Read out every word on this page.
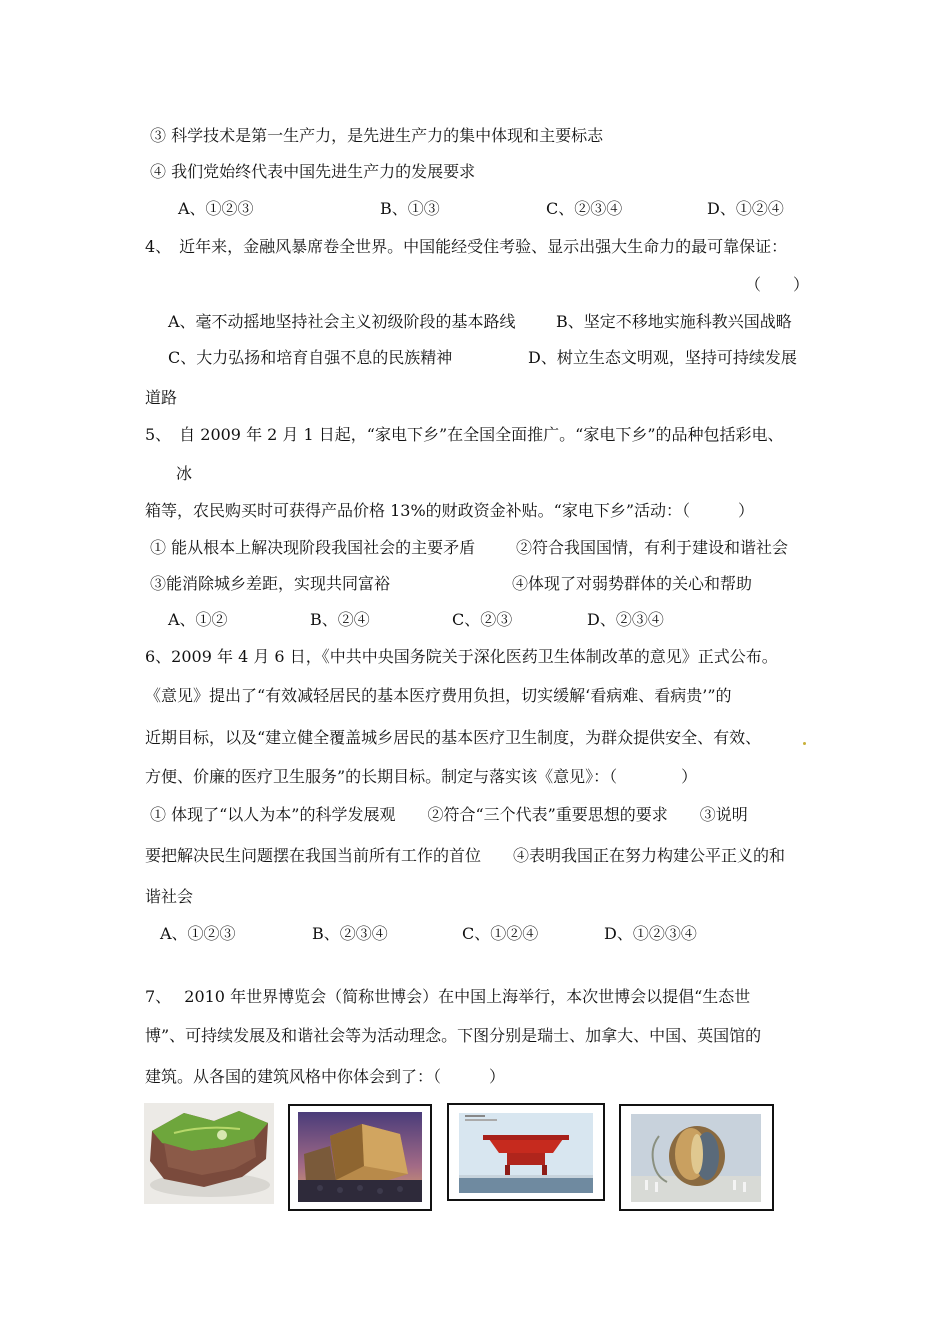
③ 科学技术是第一生产力，是先进生产力的集中体现和主要标志
④ 我们党始终代表中国先进生产力的发展要求
A、①②③	B、①③	C、②③④	D、①②④
4、　近年来，金融风暴席卷全世界。中国能经受住考验、显示出强大生命力的最可靠保证：
（　　）
A、毫不动摇地坚持社会主义初级阶段的基本路线	B、坚定不移地实施科教兴国战略
C、大力弘扬和培育自强不息的民族精神	D、树立生态文明观，坚持可持续发展
道路
5、　自 2009 年 2 月 1 日起，“家电下乡”在全国全面推广。“家电下乡”的品种包括彩电、
冰
箱等，农民购买时可获得产品价格 13%的财政资金补贴。“家电下乡”活动：（　　　）
① 能从根本上解决现阶段我国社会的主要矛盾	②符合我国国情，有利于建设和谐社会
③能消除城乡差距，实现共同富裕	④体现了对弱势群体的关心和帮助
A、①②	B、②④	C、②③	D、②③④
6、2009 年 4 月 6 日，《中共中央国务院关于深化医药卫生体制改革的意见》正式公布。
《意见》提出了“有效减轻居民的基本医疗费用负担，切实缓解‘看病难、看病贵’”的
近期目标，以及“建立健全覆盖城乡居民的基本医疗卫生制度，为群众提供安全、有效、
方便、价廉的医疗卫生服务”的长期目标。制定与落实该《意见》：（　　　　）
① 体现了“以人为本”的科学发展观　　②符合“三个代表”重要思想的要求　　③说明
要把解决民生问题摆在我国当前所有工作的首位　　④表明我国正在努力构建公平正义的和
谐社会
A、①②③	B、②③④	C、①②④	D、①②③④
7、　 2010 年世界博览会（简称世博会）在中国上海举行，本次世博会以提倡“生态世
博”、可持续发展及和谐社会等为活动理念。下图分别是瑞士、加拿大、中国、英国馆的
建筑。从各国的建筑风格中你体会到了：（　　　）
